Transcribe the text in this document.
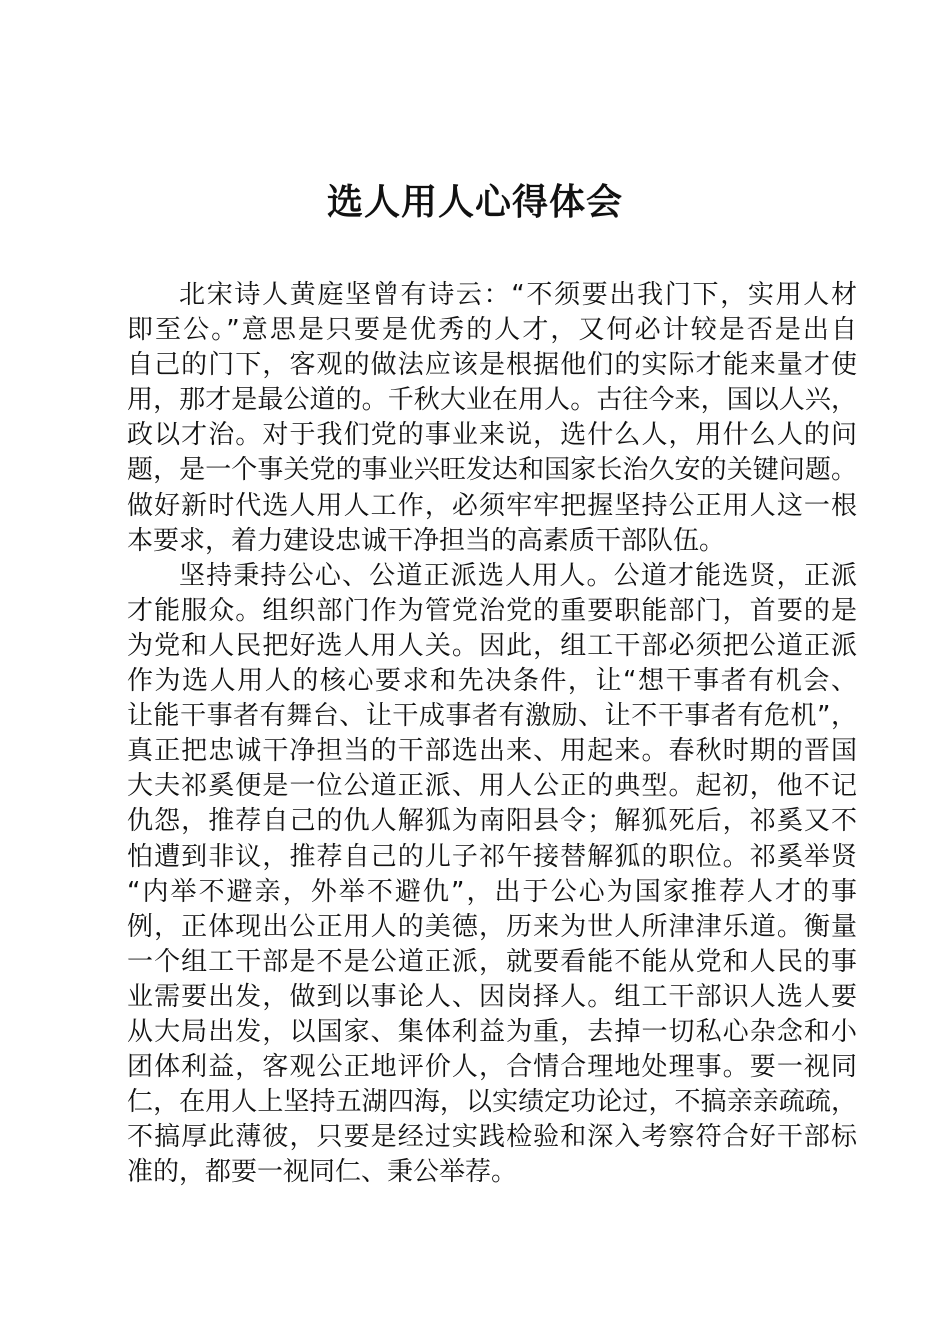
选人用人心得体会
北宋诗人黄庭坚曾有诗云：“不须要出我门下，实用人材
即至公。”意思是只要是优秀的人才，又何必计较是否是出自
自己的门下，客观的做法应该是根据他们的实际才能来量才使
用，那才是最公道的。千秋大业在用人。古往今来，国以人兴，
政以才治。对于我们党的事业来说，选什么人，用什么人的问
题，是一个事关党的事业兴旺发达和国家长治久安的关键问题。
做好新时代选人用人工作，必须牢牢把握坚持公正用人这一根
本要求，着力建设忠诚干净担当的高素质干部队伍。
坚持秉持公心、公道正派选人用人。公道才能选贤，正派
才能服众。组织部门作为管党治党的重要职能部门，首要的是
为党和人民把好选人用人关。因此，组工干部必须把公道正派
作为选人用人的核心要求和先决条件，让“想干事者有机会、
让能干事者有舞台、让干成事者有激励、让不干事者有危机”，
真正把忠诚干净担当的干部选出来、用起来。春秋时期的晋国
大夫祁奚便是一位公道正派、用人公正的典型。起初，他不记
仇怨，推荐自己的仇人解狐为南阳县令；解狐死后，祁奚又不
怕遭到非议，推荐自己的儿子祁午接替解狐的职位。祁奚举贤
“内举不避亲，外举不避仇”，出于公心为国家推荐人才的事
例，正体现出公正用人的美德，历来为世人所津津乐道。衡量
一个组工干部是不是公道正派，就要看能不能从党和人民的事
业需要出发，做到以事论人、因岗择人。组工干部识人选人要
从大局出发，以国家、集体利益为重，去掉一切私心杂念和小
团体利益，客观公正地评价人，合情合理地处理事。要一视同
仁，在用人上坚持五湖四海，以实绩定功论过，不搞亲亲疏疏，
不搞厚此薄彼，只要是经过实践检验和深入考察符合好干部标
准的，都要一视同仁、秉公举荐。
